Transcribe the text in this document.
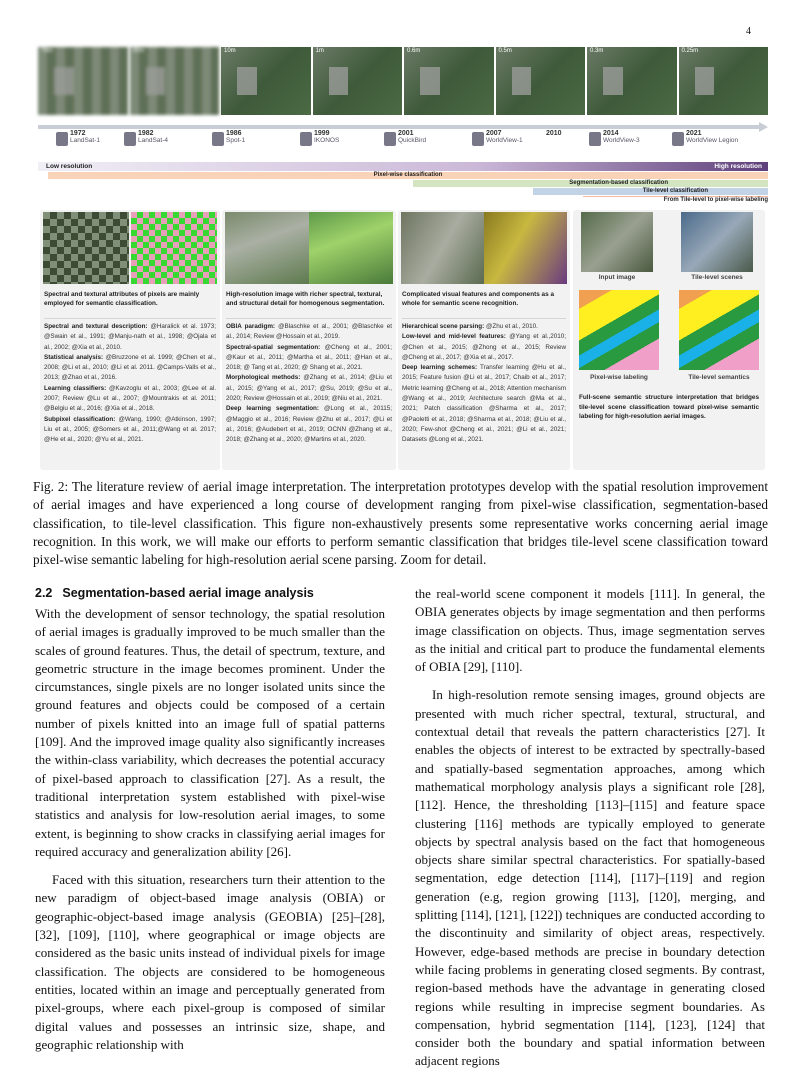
4
78m	30m	10m	1m	0.6m	0.5m	0.3m	0.25m
1972
LandSat-1
1982
LandSat-4
1986
Spot-1
1999
IKONOS
2001
QuickBird
2007
WorldView-1
2010	2014
WorldView-3
2021
WorldView Legion
Low resolution	High resolution
Pixel-wise classification
Segmentation-based classification
Tile-level classification
From Tile-level to pixel-wise labeling
Spectral and textural attributes of pixels are mainly employed for semantic classification.
Spectral and textural description: @Haralick et al. 1973; @Swain et al., 1991; @Manju-nath et al., 1998; @Ojala et al., 2002; @Xia et al., 2010.
Statistical analysis: @Bruzzone et al. 1999; @Chen et al., 2008; @Li et al., 2010; @Li et al. 2011. @Camps-Valls et al., 2013; @Zhao et al., 2016.
Learning classifiers: @Kavzoglu et al., 2003; @Lee et al. 2007; Review @Lu et al., 2007; @Mountrakis et al. 2011; @Belgiu et al., 2016; @Xia et al., 2018.
Subpixel classification: @Wang, 1990; @Atkinson, 1997; Liu et al., 2005; @Somers et al., 2011;@Wang et al. 2017; @He et al., 2020; @Yu et al., 2021.
High-resolution image with richer spectral, textural, and structural detail for homogenous segmentation.
OBIA paradigm: @Blaschke et al., 2001; @Blaschke et al., 2014; Review @Hossain et al., 2019.
Spectral-spatial segmentation: @Cheng et al., 2001; @Kaur et al., 2011; @Martha et al., 2011; @Han et al., 2018; @ Tang et al., 2020; @ Shang et al., 2021.
Morphological methods: @Zhang et al., 2014; @Liu et al., 2015; @Yang et al., 2017; @Su, 2019; @Su et al., 2020; Review @Hossain et al., 2019; @Niu et al., 2021.
Deep learning segmentation: @Long et al., 20115; @Maggio et al., 2016; Review @Zhu et al., 2017; @Li et al., 2016; @Audebert et al., 2019; OCNN @Zhang et al., 2018; @Zhang et al., 2020; @Martins et al., 2020.
Complicated visual features and components as a whole for semantic scene recognition.
Hierarchical scene parsing: @Zhu et al., 2010.
Low-level and mid-level features: @Yang et al.,2010; @Chen et al., 2015; @Zhong et al., 2015; Review @Cheng et al., 2017; @Xia et al., 2017.
Deep learning schemes: Transfer learning @Hu et al., 2015; Feature fusion @Li et al., 2017; Chaib et al., 2017; Metric learning @Cheng et al., 2018; Attention mechanism @Wang et al., 2019; Architecture search @Ma et al., 2021; Patch classification @Sharma et al., 2017; @Paoletti et al., 2018; @Sharma et al., 2018; @Liu et al., 2020; Few-shot @Cheng et al., 2021; @Li et al., 2021; Datasets @Long et al., 2021.
Input image	Tile-level scenes
Pixel-wise labeling	Tile-level semantics
Full-scene semantic structure interpretation that bridges tile-level scene classification toward pixel-wise semantic labeling for high-resolution aerial images.
Fig. 2: The literature review of aerial image interpretation. The interpretation prototypes develop with the spatial resolution improvement of aerial images and have experienced a long course of development ranging from pixel-wise classification, segmentation-based classification, to tile-level classification. This figure non-exhaustively presents some representative works concerning aerial image recognition. In this work, we will make our efforts to perform semantic classification that bridges tile-level scene classification toward pixel-wise semantic labeling for high-resolution aerial scene parsing. Zoom for detail.
2.2 Segmentation-based aerial image analysis

With the development of sensor technology, the spatial resolution of aerial images is gradually improved to be much smaller than the scales of ground features. Thus, the detail of spectrum, texture, and geometric structure in the image becomes prominent. Under the circumstances, single pixels are no longer isolated units since the ground features and objects could be composed of a certain number of pixels knitted into an image full of spatial patterns [109]. And the improved image quality also significantly increases the within-class variability, which decreases the potential accuracy of pixel-based approach to classification [27]. As a result, the traditional interpretation system established with pixel-wise statistics and analysis for low-resolution aerial images, to some extent, is beginning to show cracks in classifying aerial images for required accuracy and generalization ability [26].

Faced with this situation, researchers turn their attention to the new paradigm of object-based image analysis (OBIA) or geographic-object-based image analysis (GEOBIA) [25]–[28], [32], [109], [110], where geographical or image objects are considered as the basic units instead of individual pixels for image classification. The objects are considered to be homogeneous entities, located within an image and perceptually generated from pixel-groups, where each pixel-group is composed of similar digital values and possesses an intrinsic size, shape, and geographic relationship with

the real-world scene component it models [111]. In general, the OBIA generates objects by image segmentation and then performs image classification on objects. Thus, image segmentation serves as the initial and critical part to produce the fundamental elements of OBIA [29], [110].

In high-resolution remote sensing images, ground objects are presented with much richer spectral, textural, structural, and contextual detail that reveals the pattern characteristics [27]. It enables the objects of interest to be extracted by spectrally-based and spatially-based segmentation approaches, among which mathematical morphology analysis plays a significant role [28], [112]. Hence, the thresholding [113]–[115] and feature space clustering [116] methods are typically employed to generate objects by spectral analysis based on the fact that homogeneous objects share similar spectral characteristics. For spatially-based segmentation, edge detection [114], [117]–[119] and region generation (e.g, region growing [113], [120], merging, and splitting [114], [121], [122]) techniques are conducted according to the discontinuity and similarity of object areas, respectively. However, edge-based methods are precise in boundary detection while facing problems in generating closed segments. By contrast, region-based methods have the advantage in generating closed regions while resulting in imprecise segment boundaries. As compensation, hybrid segmentation [114], [123], [124] that consider both the boundary and spatial information between adjacent regions
